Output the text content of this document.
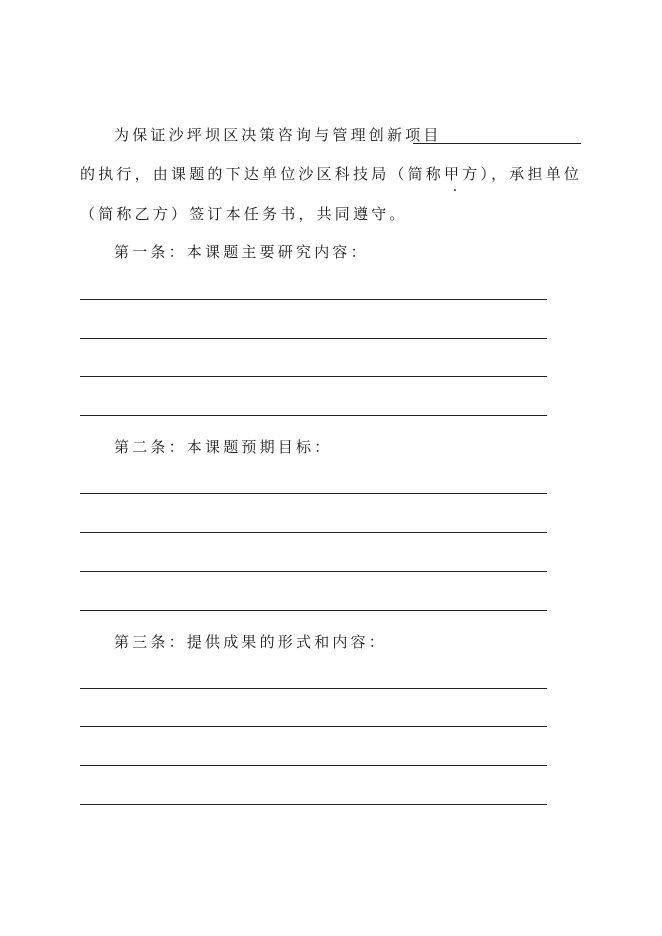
为保证沙坪坝区决策咨询与管理创新项目
的执行，由课题的下达单位沙区科技局（简称甲方），承担单位
（简称乙方）签订本任务书，共同遵守。
第一条：本课题主要研究内容：
第二条：本课题预期目标：
第三条：提供成果的形式和内容：
